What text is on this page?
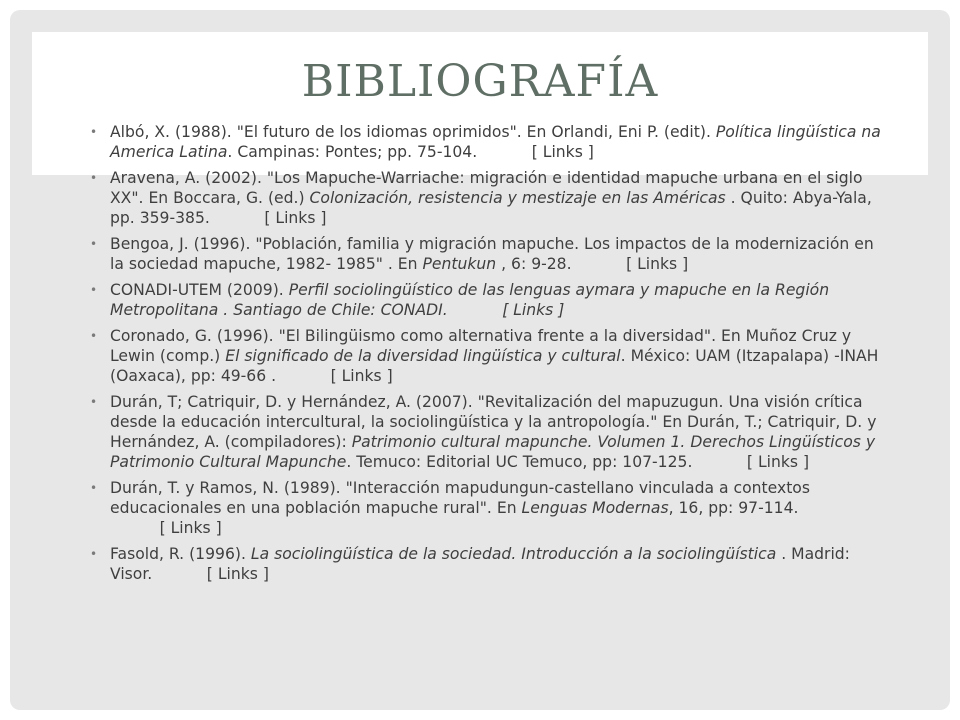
BIBLIOGRAFÍA
• Albó, X. (1988). "El futuro de los idiomas oprimidos". En Orlandi, Eni P. (edit). Política lingüística na America Latina. Campinas: Pontes; pp. 75-104.           [ Links ]
• Aravena, A. (2002). "Los Mapuche-Warriache: migración e identidad mapuche urbana en el siglo XX". En Boccara, G. (ed.) Colonización, resistencia y mestizaje en las Américas . Quito: Abya-Yala, pp. 359-385.           [ Links ]
• Bengoa, J. (1996). "Población, familia y migración mapuche. Los impactos de la modernización en la sociedad mapuche, 1982- 1985" . En Pentukun , 6: 9-28.           [ Links ]
• CONADI-UTEM (2009). Perfil sociolingüístico de las lenguas aymara y mapuche en la Región Metropolitana . Santiago de Chile: CONADI.           [ Links ]
• Coronado, G. (1996). "El Bilingüismo como alternativa frente a la diversidad". En Muñoz Cruz y Lewin (comp.) El significado de la diversidad lingüística y cultural. México: UAM (Itzapalapa) -INAH (Oaxaca), pp: 49-66 .           [ Links ]
• Durán, T; Catriquir, D. y Hernández, A. (2007). "Revitalización del mapuzugun. Una visión crítica desde la educación intercultural, la sociolingüística y la antropología." En Durán, T.; Catriquir, D. y Hernández, A. (compiladores): Patrimonio cultural mapunche. Volumen 1. Derechos Lingüísticos y Patrimonio Cultural Mapunche. Temuco: Editorial UC Temuco, pp: 107-125.           [ Links ]
• Durán, T. y Ramos, N. (1989). "Interacción mapudungun-castellano vinculada a contextos educacionales en una población mapuche rural". En Lenguas Modernas, 16, pp: 97-114.           [ Links ]
• Fasold, R. (1996). La sociolingüística de la sociedad. Introducción a la sociolingüística . Madrid: Visor.           [ Links ]
